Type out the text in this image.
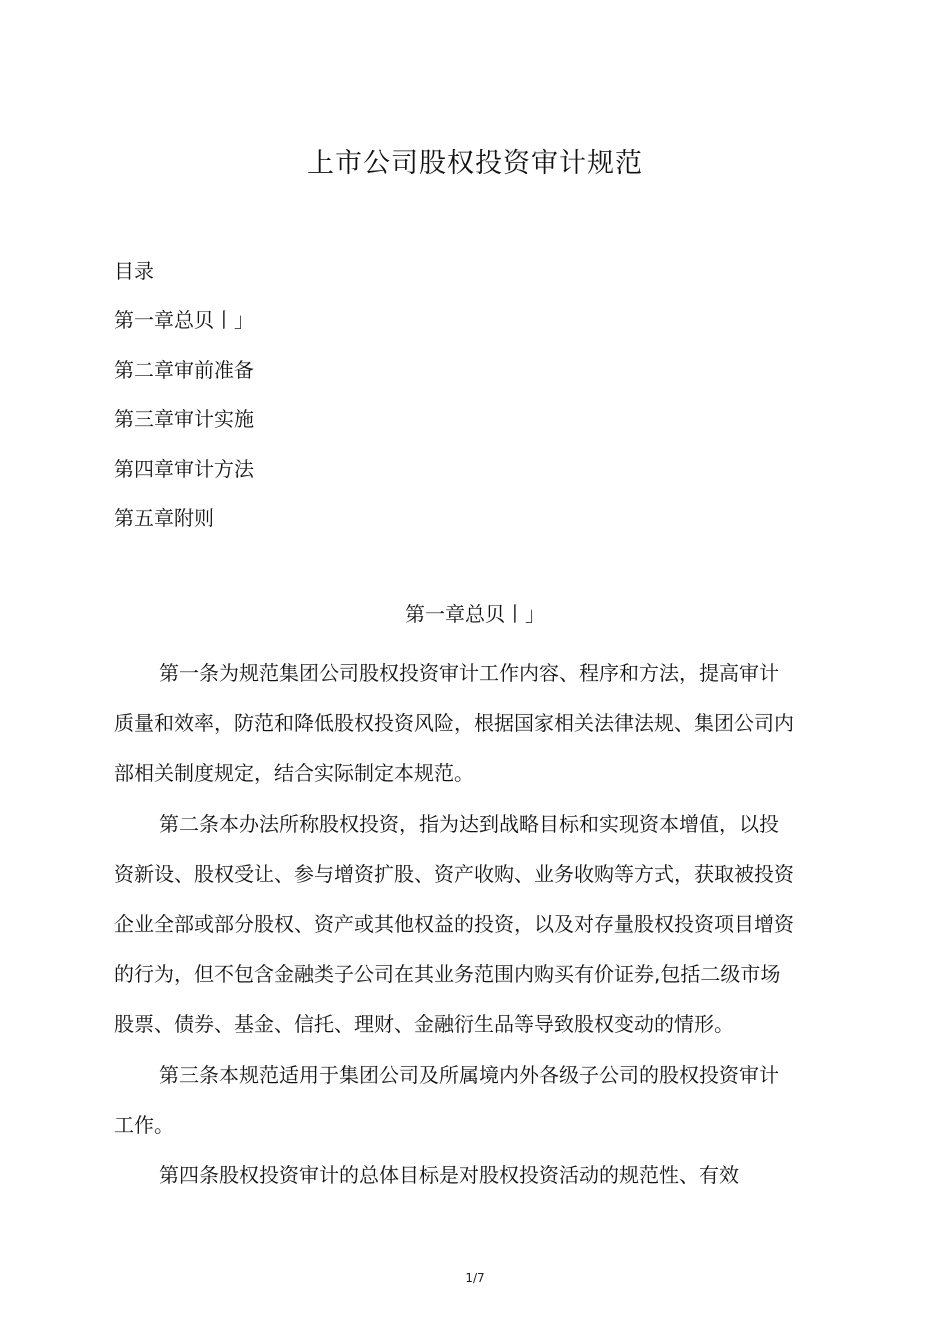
上市公司股权投资审计规范

目录

第一章总贝丨」

第二章审前准备

第三章审计实施

第四章审计方法

第五章附则

第一章总贝丨」

第一条为规范集团公司股权投资审计工作内容、程序和方法，提高审计
质量和效率，防范和降低股权投资风险，根据国家相关法律法规、集团公司内
部相关制度规定，结合实际制定本规范。

第二条本办法所称股权投资，指为达到战略目标和实现资本增值，以投
资新设、股权受让、参与增资扩股、资产收购、业务收购等方式，获取被投资
企业全部或部分股权、资产或其他权益的投资，以及对存量股权投资项目增资
的行为，但不包含金融类子公司在其业务范围内购买有价证券,包括二级市场
股票、债券、基金、信托、理财、金融衍生品等导致股权变动的情形。

第三条本规范适用于集团公司及所属境内外各级子公司的股权投资审计
工作。

第四条股权投资审计的总体目标是对股权投资活动的规范性、有效

1/7
